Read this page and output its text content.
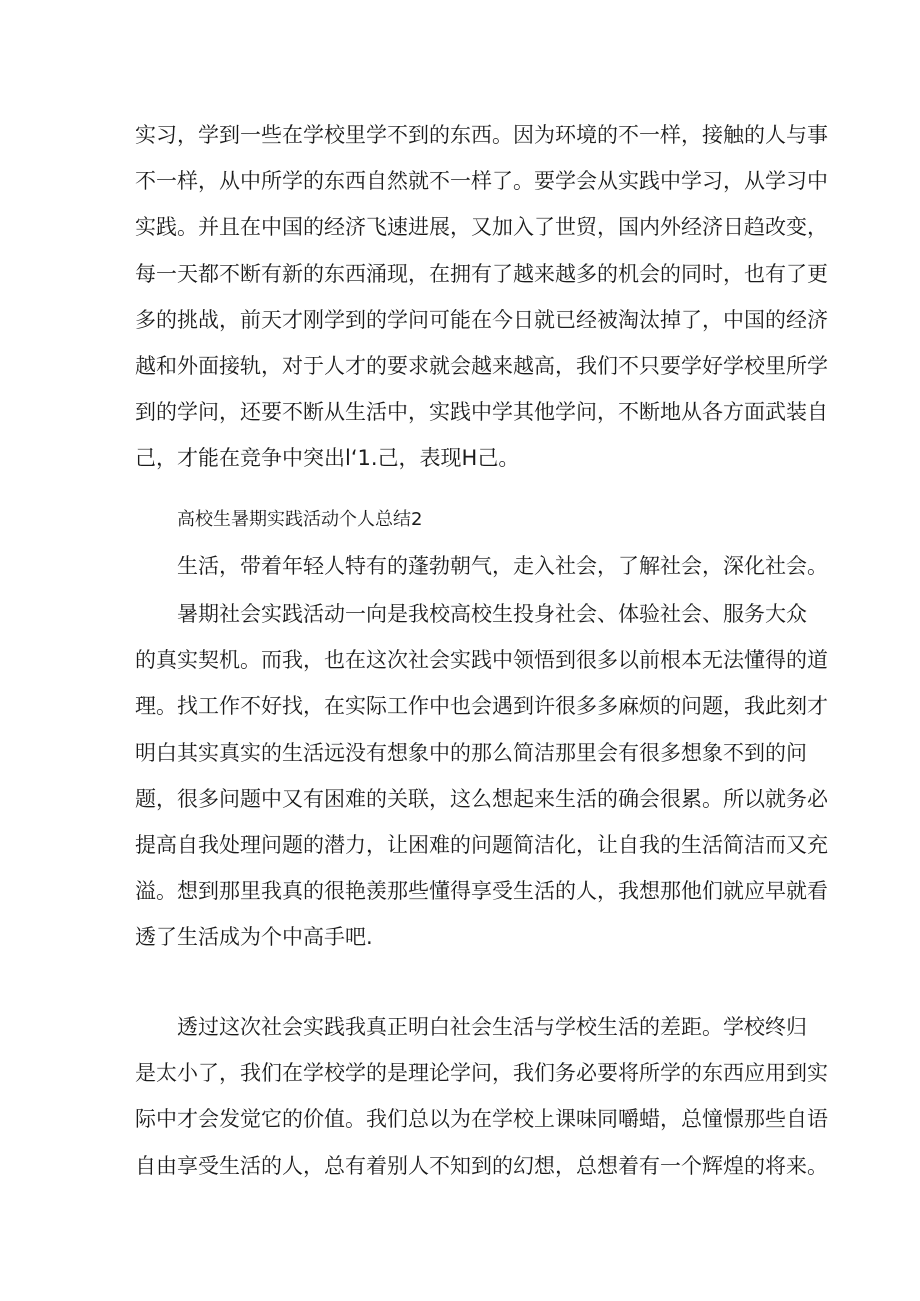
实习，学到一些在学校里学不到的东西。因为环境的不一样，接触的人与事
不一样，从中所学的东西自然就不一样了。要学会从实践中学习，从学习中
实践。并且在中国的经济飞速进展，又加入了世贸，国内外经济日趋改变，
每一天都不断有新的东西涌现，在拥有了越来越多的机会的同时，也有了更
多的挑战，前天才刚学到的学问可能在今日就已经被淘汰掉了，中国的经济
越和外面接轨，对于人才的要求就会越来越高，我们不只要学好学校里所学
到的学问，还要不断从生活中，实践中学其他学问，不断地从各方面武装自
己，才能在竞争中突出l‘1.己，表现H己。
高校生暑期实践活动个人总结2
生活，带着年轻人特有的蓬勃朝气，走入社会，了解社会，深化社会。
暑期社会实践活动一向是我校高校生投身社会、体验社会、服务大众
的真实契机。而我，也在这次社会实践中领悟到很多以前根本无法懂得的道
理。找工作不好找，在实际工作中也会遇到许很多多麻烦的问题，我此刻才
明白其实真实的生活远没有想象中的那么简洁那里会有很多想象不到的问
题，很多问题中又有困难的关联，这么想起来生活的确会很累。所以就务必
提高自我处理问题的潜力，让困难的问题简洁化，让自我的生活简洁而又充
溢。想到那里我真的很艳羡那些懂得享受生活的人，我想那他们就应早就看
透了生活成为个中高手吧.
透过这次社会实践我真正明白社会生活与学校生活的差距。学校终归
是太小了，我们在学校学的是理论学问，我们务必要将所学的东西应用到实
际中才会发觉它的价值。我们总以为在学校上课味同嚼蜡，总憧憬那些自语
自由享受生活的人，总有着别人不知到的幻想，总想着有一个辉煌的将来。
